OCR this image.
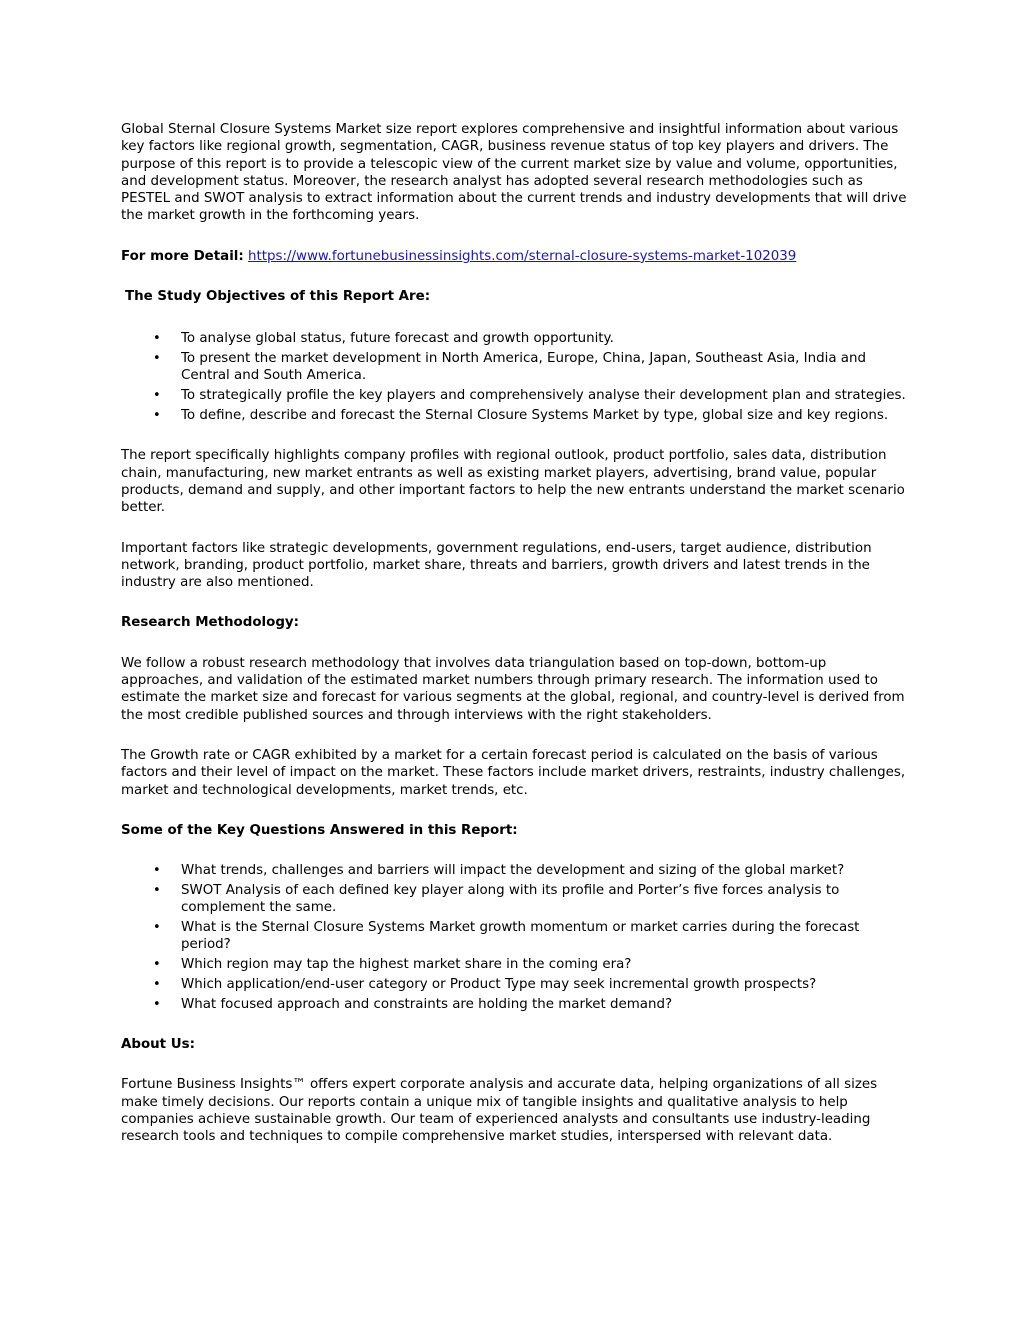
Global Sternal Closure Systems Market size report explores comprehensive and insightful information about various key factors like regional growth, segmentation, CAGR, business revenue status of top key players and drivers. The purpose of this report is to provide a telescopic view of the current market size by value and volume, opportunities, and development status. Moreover, the research analyst has adopted several research methodologies such as PESTEL and SWOT analysis to extract information about the current trends and industry developments that will drive the market growth in the forthcoming years.

For more Detail: https://www.fortunebusinessinsights.com/sternal-closure-systems-market-102039
The Study Objectives of this Report Are:
• To analyse global status, future forecast and growth opportunity.
• To present the market development in North America, Europe, China, Japan, Southeast Asia, India and Central and South America.
• To strategically profile the key players and comprehensively analyse their development plan and strategies.
• To define, describe and forecast the Sternal Closure Systems Market by type, global size and key regions.

The report specifically highlights company profiles with regional outlook, product portfolio, sales data, distribution chain, manufacturing, new market entrants as well as existing market players, advertising, brand value, popular products, demand and supply, and other important factors to help the new entrants understand the market scenario better.

Important factors like strategic developments, government regulations, end-users, target audience, distribution network, branding, product portfolio, market share, threats and barriers, growth drivers and latest trends in the industry are also mentioned.

Research Methodology:

We follow a robust research methodology that involves data triangulation based on top-down, bottom-up approaches, and validation of the estimated market numbers through primary research. The information used to estimate the market size and forecast for various segments at the global, regional, and country-level is derived from the most credible published sources and through interviews with the right stakeholders.

The Growth rate or CAGR exhibited by a market for a certain forecast period is calculated on the basis of various factors and their level of impact on the market. These factors include market drivers, restraints, industry challenges, market and technological developments, market trends, etc.

Some of the Key Questions Answered in this Report:

• What trends, challenges and barriers will impact the development and sizing of the global market?
• SWOT Analysis of each defined key player along with its profile and Porter’s five forces analysis to complement the same.
• What is the Sternal Closure Systems Market growth momentum or market carries during the forecast period?
• Which region may tap the highest market share in the coming era?
• Which application/end-user category or Product Type may seek incremental growth prospects?
• What focused approach and constraints are holding the market demand?

About Us:

Fortune Business Insights™ offers expert corporate analysis and accurate data, helping organizations of all sizes make timely decisions. Our reports contain a unique mix of tangible insights and qualitative analysis to help companies achieve sustainable growth. Our team of experienced analysts and consultants use industry-leading research tools and techniques to compile comprehensive market studies, interspersed with relevant data.
